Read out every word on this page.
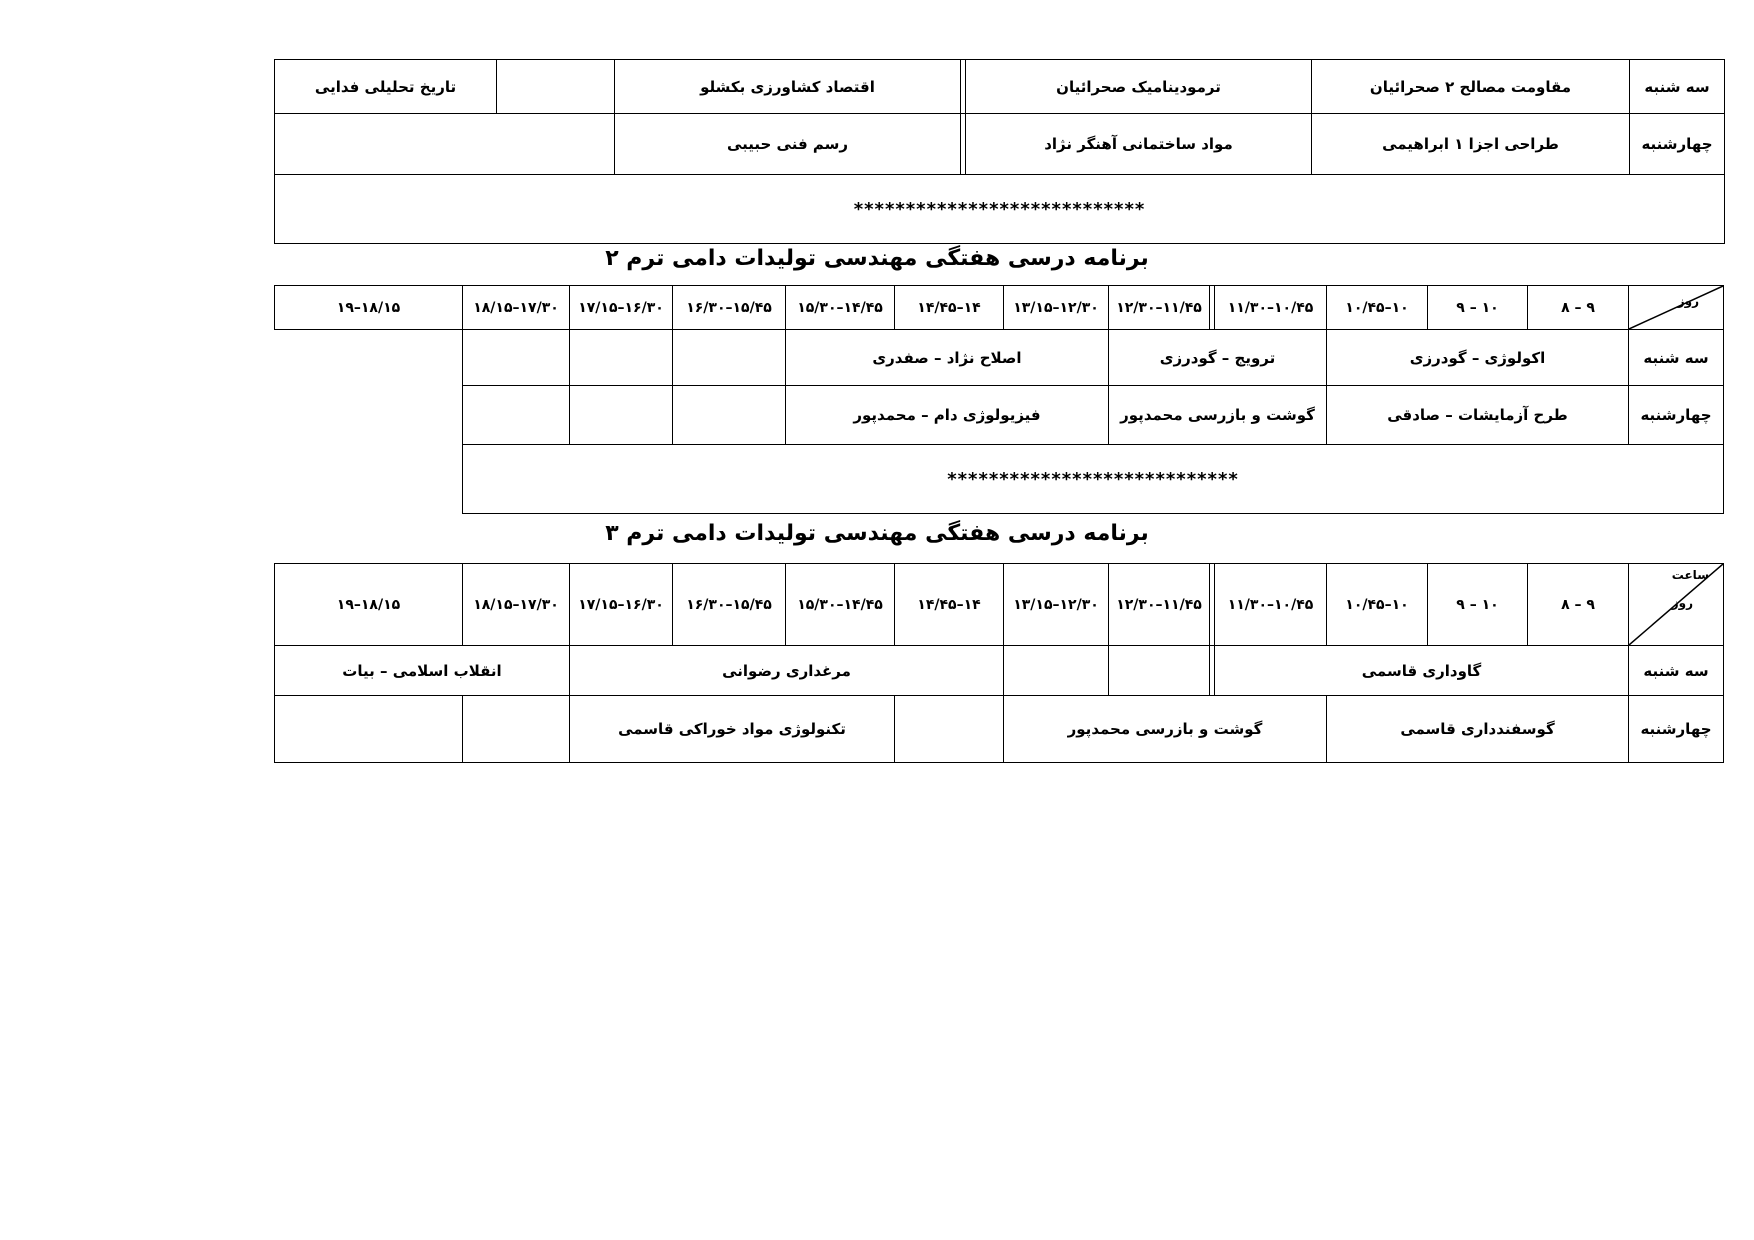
سه شنبه	مقاومت مصالح ۲ صحرائیان	ترمودینامیک صحرائیان		اقتصاد کشاورزی بکشلو		تاریخ تحلیلی فدایی
چهارشنبه	طراحی اجزا ۱ ابراهیمی	مواد ساختمانی آهنگر نژاد		رسم فنی حبیبی		
****************************						
برنامه درسی هفتگی مهندسی تولیدات دامی ترم ۲
روز	۹ – ۸	۱۰ – ۹	۱۰–۱۰/۴۵	۱۰/۴۵–۱۱/۳۰		۱۱/۴۵–۱۲/۳۰	۱۲/۳۰–۱۳/۱۵	۱۴–۱۴/۴۵	۱۴/۴۵–۱۵/۳۰	۱۵/۴۵–۱۶/۳۰	۱۶/۳۰–۱۷/۱۵	۱۷/۳۰–۱۸/۱۵	۱۸/۱۵–۱۹
سه شنبه	اکولوژی – گودرزی			ترویج – گودرزی			اصلاح نژاد – صفدری						
چهارشنبه	طرح آزمایشات – صادقی			گوشت و بازرسی محمدپور			فیزیولوژی دام – محمدپور						
****************************													
برنامه درسی هفتگی مهندسی تولیدات دامی ترم ۳
ساعت
روز	۹ – ۸	۱۰ – ۹	۱۰–۱۰/۴۵	۱۰/۴۵–۱۱/۳۰		۱۱/۴۵–۱۲/۳۰	۱۲/۳۰–۱۳/۱۵	۱۴–۱۴/۴۵	۱۴/۴۵–۱۵/۳۰	۱۵/۴۵–۱۶/۳۰	۱۶/۳۰–۱۷/۱۵	۱۷/۳۰–۱۸/۱۵	۱۸/۱۵–۱۹
سه شنبه	گاوداری قاسمی							مرغداری رضوانی				انقلاب اسلامی – بیات	
چهارشنبه	گوسفندداری قاسمی			گوشت و بازرسی محمدپور					تکنولوژی مواد خوراکی قاسمی				
